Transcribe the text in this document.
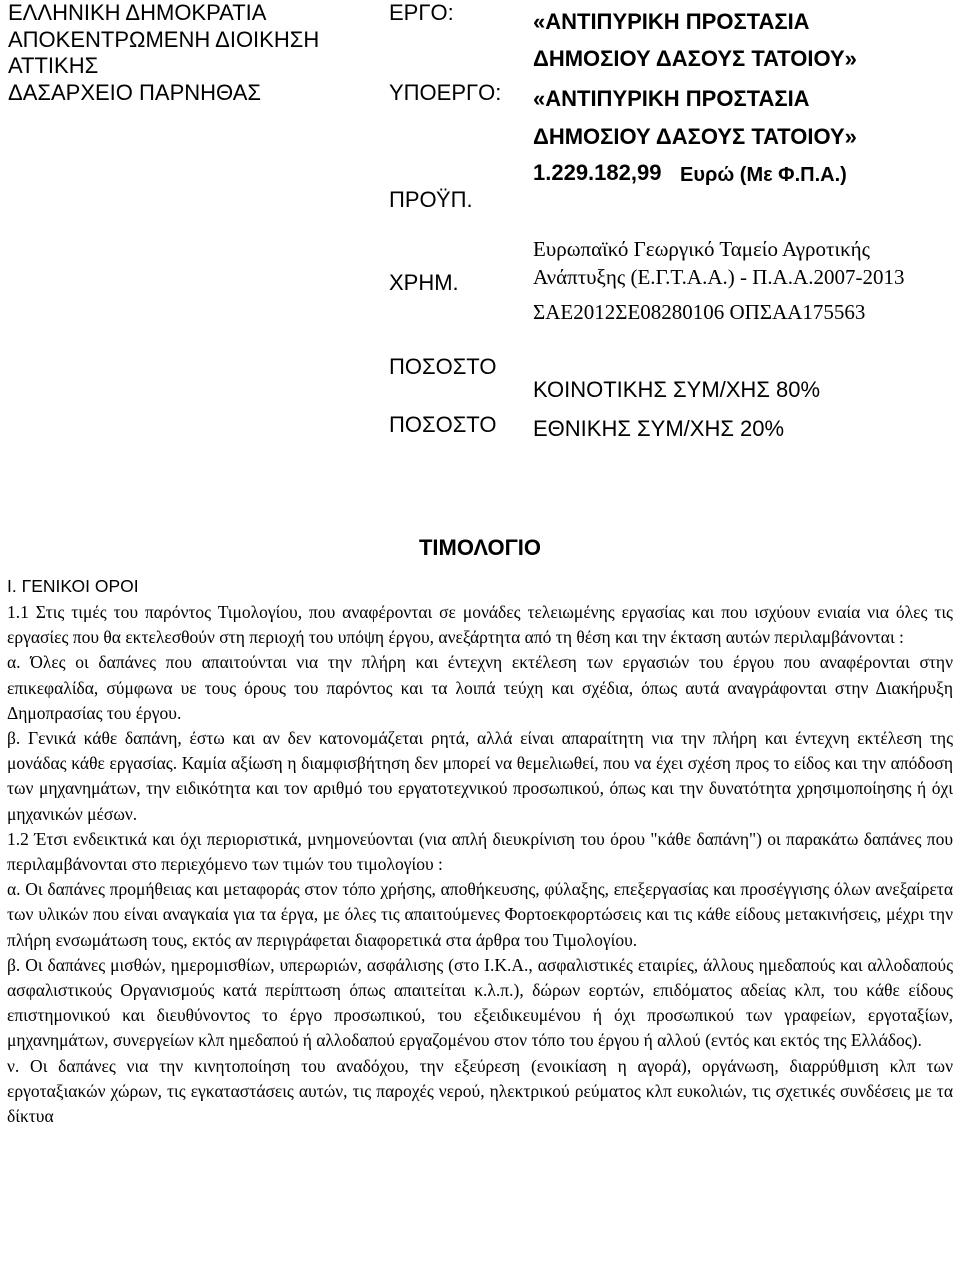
ΕΛΛΗΝΙΚΗ ΔΗΜΟΚΡΑΤΙΑ
ΑΠΟΚΕΝΤΡΩΜΕΝΗ ΔΙΟΙΚΗΣΗ
ΑΤΤΙΚΗΣ
ΔΑΣΑΡΧΕΙΟ ΠΑΡΝΗΘΑΣ
ΕΡΓΟ:	«ΑΝΤΙΠΥΡΙΚΗ ΠΡΟΣΤΑΣΙΑ
ΔΗΜΟΣΙΟΥ ΔΑΣΟΥΣ ΤΑΤΟΙΟΥ»
ΥΠΟΕΡΓΟ: «ΑΝΤΙΠΥΡΙΚΗ ΠΡΟΣΤΑΣΙΑ
ΔΗΜΟΣΙΟΥ ΔΑΣΟΥΣ ΤΑΤΟΙΟΥ»
ΠΡΟΫΠ.
1.229.182,99 Ευρώ (Με Φ.Π.Α.)
ΧΡΗΜ.
Ευρωπαϊκό Γεωργικό Ταμείο Αγροτικής
Ανάπτυξης (Ε.Γ.Τ.Α.Α.) - Π.Α.Α.2007-2013
ΣΑΕ2012ΣΕ08280106 ΟΠΣΑΑ175563
ΠΟΣΟΣΤΟ
ΚΟΙΝΟΤΙΚΗΣ ΣΥΜ/ΧΗΣ 80%
ΠΟΣΟΣΤΟ ΕΘΝΙΚΗΣ ΣΥΜ/ΧΗΣ 20%
ΤΙΜΟΛΟΓΙΟ
Ι. ΓΕΝΙΚΟΙ ΟΡΟΙ

1.1 Στις τιμές του παρόντος Τιμολογίου, που αναφέρονται σε μονάδες τελειωμένης εργασίας και που ισχύουν ενιαία νια όλες τις εργασίες που θα εκτελεσθούν στη περιοχή του υπόψη έργου, ανεξάρτητα από τη θέση και την έκταση αυτών περιλαμβάνονται :

α. Όλες οι δαπάνες που απαιτούνται νια την πλήρη και έντεχνη εκτέλεση των εργασιών του έργου που αναφέρονται στην επικεφαλίδα, σύμφωνα υε τους όρους του παρόντος και τα λοιπά τεύχη και σχέδια, όπως αυτά αναγράφονται στην Διακήρυξη Δημοπρασίας του έργου.

β. Γενικά κάθε δαπάνη, έστω και αν δεν κατονομάζεται ρητά, αλλά είναι απαραίτητη νια την πλήρη και έντεχνη εκτέλεση της μονάδας κάθε εργασίας. Καμία αξίωση η διαμφισβήτηση δεν μπορεί να θεμελιωθεί, που να έχει σχέση προς το είδος και την απόδοση των μηχανημάτων, την ειδικότητα και τον αριθμό του εργατοτεχνικού προσωπικού, όπως και την δυνατότητα χρησιμοποίησης ή όχι μηχανικών μέσων.

1.2 Έτσι ενδεικτικά και όχι περιοριστικά, μνημονεύονται (νια απλή διευκρίνιση του όρου "κάθε δαπάνη") οι παρακάτω δαπάνες που περιλαμβάνονται στο περιεχόμενο των τιμών του τιμολογίου :

α. Οι δαπάνες προμήθειας και μεταφοράς στον τόπο χρήσης, αποθήκευσης, φύλαξης, επεξεργασίας και προσέγγισης όλων ανεξαίρετα των υλικών που είναι αναγκαία για τα έργα, με όλες τις απαιτούμενες Φορτοεκφορτώσεις και τις κάθε είδους μετακινήσεις, μέχρι την πλήρη ενσωμάτωση τους, εκτός αν περιγράφεται διαφορετικά στα άρθρα του Τιμολογίου.

β. Οι δαπάνες μισθών, ημερομισθίων, υπερωριών, ασφάλισης (στο Ι.Κ.Α., ασφαλιστικές εταιρίες, άλλους ημεδαπούς και αλλοδαπούς ασφαλιστικούς Οργανισμούς κατά περίπτωση όπως απαιτείται κ.λ.π.), δώρων εορτών, επιδόματος αδείας κλπ, του κάθε είδους επιστημονικού και διευθύνοντος το έργο προσωπικού, του εξειδικευμένου ή όχι προσωπικού των γραφείων, εργοταξίων, μηχανημάτων, συνεργείων κλπ ημεδαπού ή αλλοδαπού εργαζομένου στον τόπο του έργου ή αλλού (εντός και εκτός της Ελλάδος).

ν. Οι δαπάνες νια την κινητοποίηση του αναδόχου, την εξεύρεση (ενοικίαση η αγορά), οργάνωση, διαρρύθμιση κλπ των εργοταξιακών χώρων, τις εγκαταστάσεις αυτών, τις παροχές νερού, ηλεκτρικού ρεύματος κλπ ευκολιών, τις σχετικές συνδέσεις με τα δίκτυα
